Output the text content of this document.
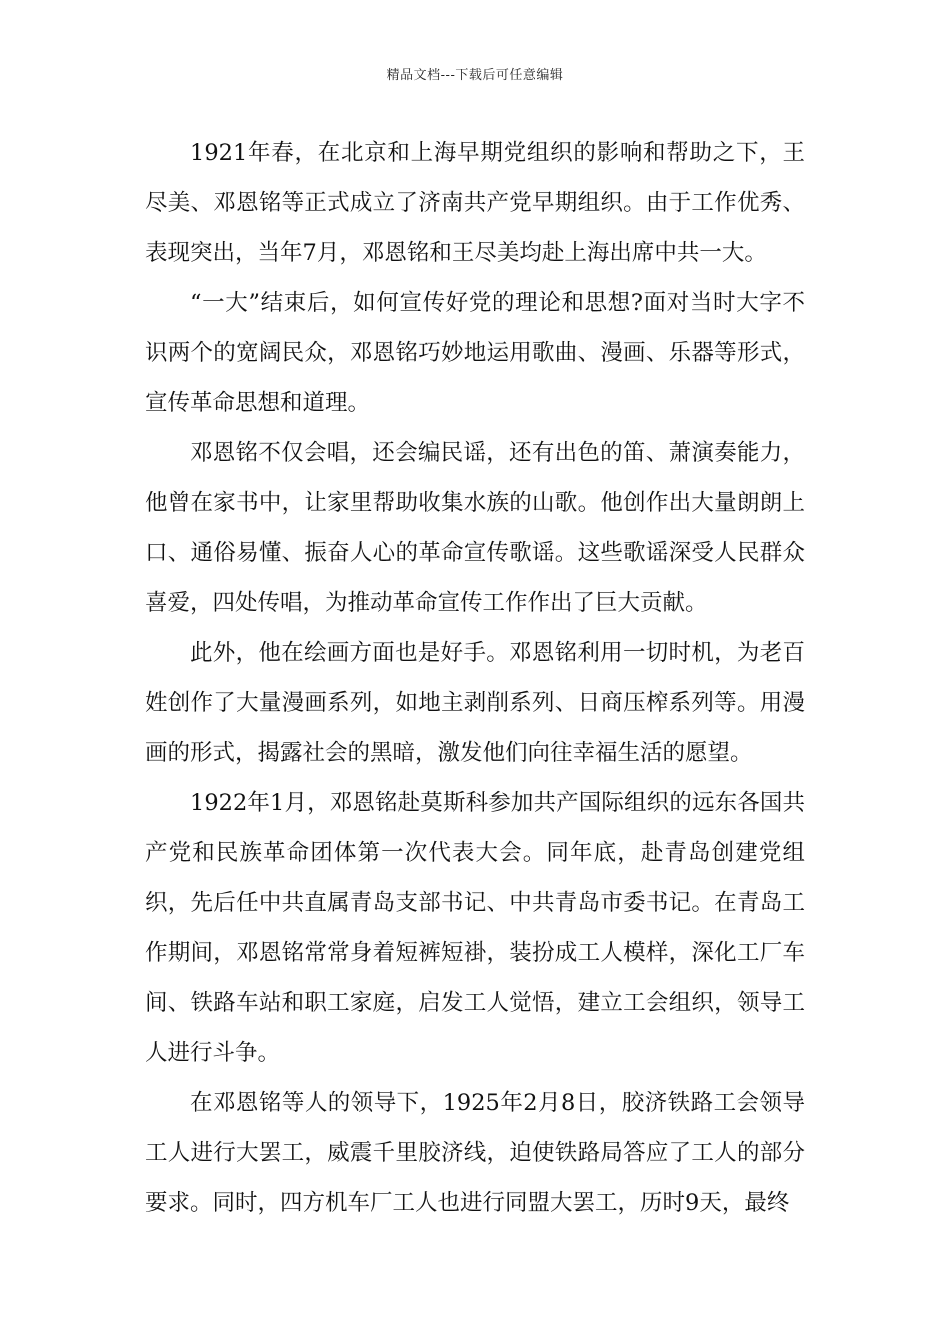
精品文档---下载后可任意编辑

1921年春，在北京和上海早期党组织的影响和帮助之下，王尽美、邓恩铭等正式成立了济南共产党早期组织。由于工作优秀、表现突出，当年7月，邓恩铭和王尽美均赴上海出席中共一大。

“一大”结束后，如何宣传好党的理论和思想?面对当时大字不识两个的宽阔民众，邓恩铭巧妙地运用歌曲、漫画、乐器等形式，宣传革命思想和道理。

邓恩铭不仅会唱，还会编民谣，还有出色的笛、萧演奏能力，他曾在家书中，让家里帮助收集水族的山歌。他创作出大量朗朗上口、通俗易懂、振奋人心的革命宣传歌谣。这些歌谣深受人民群众喜爱，四处传唱，为推动革命宣传工作作出了巨大贡献。

此外，他在绘画方面也是好手。邓恩铭利用一切时机，为老百姓创作了大量漫画系列，如地主剥削系列、日商压榨系列等。用漫画的形式，揭露社会的黑暗，激发他们向往幸福生活的愿望。

1922年1月，邓恩铭赴莫斯科参加共产国际组织的远东各国共产党和民族革命团体第一次代表大会。同年底，赴青岛创建党组织，先后任中共直属青岛支部书记、中共青岛市委书记。在青岛工作期间，邓恩铭常常身着短裤短褂，装扮成工人模样，深化工厂车间、铁路车站和职工家庭，启发工人觉悟，建立工会组织，领导工人进行斗争。

在邓恩铭等人的领导下，1925年2月8日，胶济铁路工会领导工人进行大罢工，威震千里胶济线，迫使铁路局答应了工人的部分要求。同时，四方机车厂工人也进行同盟大罢工，历时9天，最终
